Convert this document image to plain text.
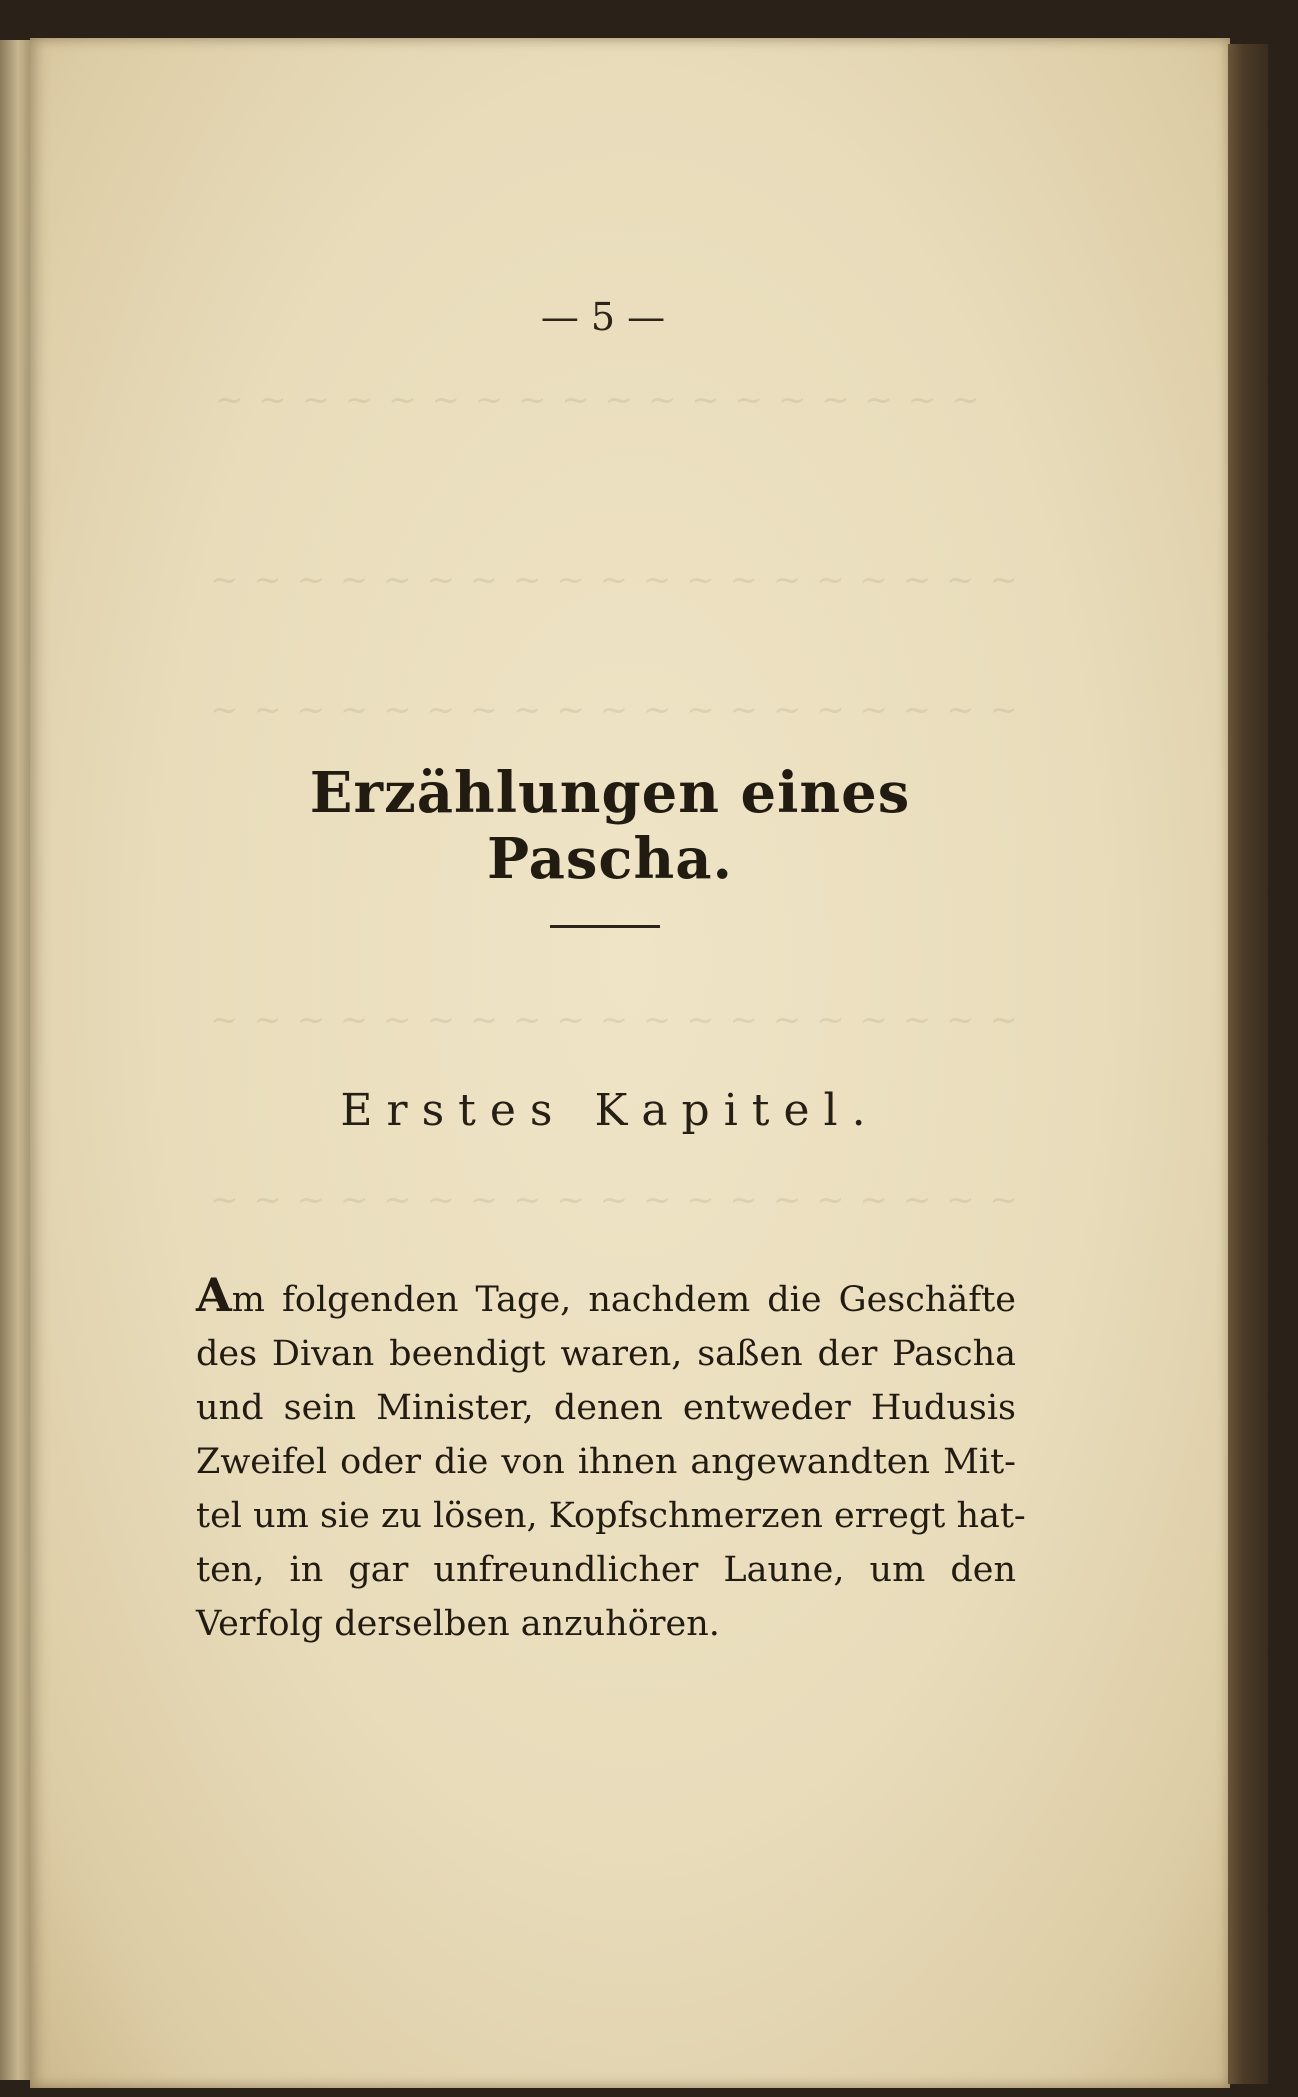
~ ~ ~ ~ ~ ~ ~ ~ ~ ~ ~ ~ ~ ~ ~ ~ ~ ~
~ ~ ~ ~ ~ ~ ~ ~ ~ ~ ~ ~ ~ ~ ~ ~ ~ ~ ~
~ ~ ~ ~ ~ ~ ~ ~ ~ ~ ~ ~ ~ ~ ~ ~ ~ ~ ~
~ ~ ~ ~ ~ ~ ~ ~ ~ ~ ~ ~ ~ ~ ~ ~ ~ ~ ~
~ ~ ~ ~ ~ ~ ~ ~ ~ ~ ~ ~ ~ ~ ~ ~ ~ ~ ~
— 5 —
Erzählungen eines Pascha.
Erstes Kapitel.
Am folgenden Tage, nachdem die Geschäfte
des Divan beendigt waren, saßen der Pascha
und sein Minister, denen entweder Hudusis
Zweifel oder die von ihnen angewandten Mit-
tel um sie zu lösen, Kopfschmerzen erregt hat-
ten, in gar unfreundlicher Laune, um den
Verfolg derselben anzuhören.
